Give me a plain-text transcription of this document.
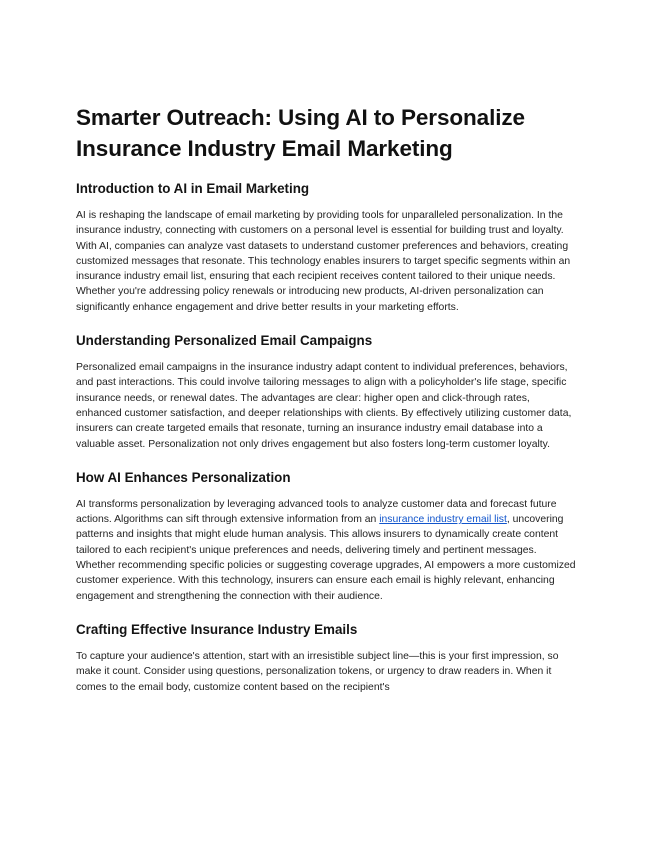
Smarter Outreach: Using AI to Personalize Insurance Industry Email Marketing
Introduction to AI in Email Marketing

AI is reshaping the landscape of email marketing by providing tools for unparalleled personalization. In the insurance industry, connecting with customers on a personal level is essential for building trust and loyalty. With AI, companies can analyze vast datasets to understand customer preferences and behaviors, creating customized messages that resonate. This technology enables insurers to target specific segments within an insurance industry email list, ensuring that each recipient receives content tailored to their unique needs. Whether you're addressing policy renewals or introducing new products, AI-driven personalization can significantly enhance engagement and drive better results in your marketing efforts.

Understanding Personalized Email Campaigns

Personalized email campaigns in the insurance industry adapt content to individual preferences, behaviors, and past interactions. This could involve tailoring messages to align with a policyholder's life stage, specific insurance needs, or renewal dates. The advantages are clear: higher open and click-through rates, enhanced customer satisfaction, and deeper relationships with clients. By effectively utilizing customer data, insurers can create targeted emails that resonate, turning an insurance industry email database into a valuable asset. Personalization not only drives engagement but also fosters long-term customer loyalty.

How AI Enhances Personalization

AI transforms personalization by leveraging advanced tools to analyze customer data and forecast future actions. Algorithms can sift through extensive information from an insurance industry email list, uncovering patterns and insights that might elude human analysis. This allows insurers to dynamically create content tailored to each recipient's unique preferences and needs, delivering timely and pertinent messages. Whether recommending specific policies or suggesting coverage upgrades, AI empowers a more customized customer experience. With this technology, insurers can ensure each email is highly relevant, enhancing engagement and strengthening the connection with their audience.

Crafting Effective Insurance Industry Emails

To capture your audience's attention, start with an irresistible subject line—this is your first impression, so make it count. Consider using questions, personalization tokens, or urgency to draw readers in. When it comes to the email body, customize content based on the recipient's
